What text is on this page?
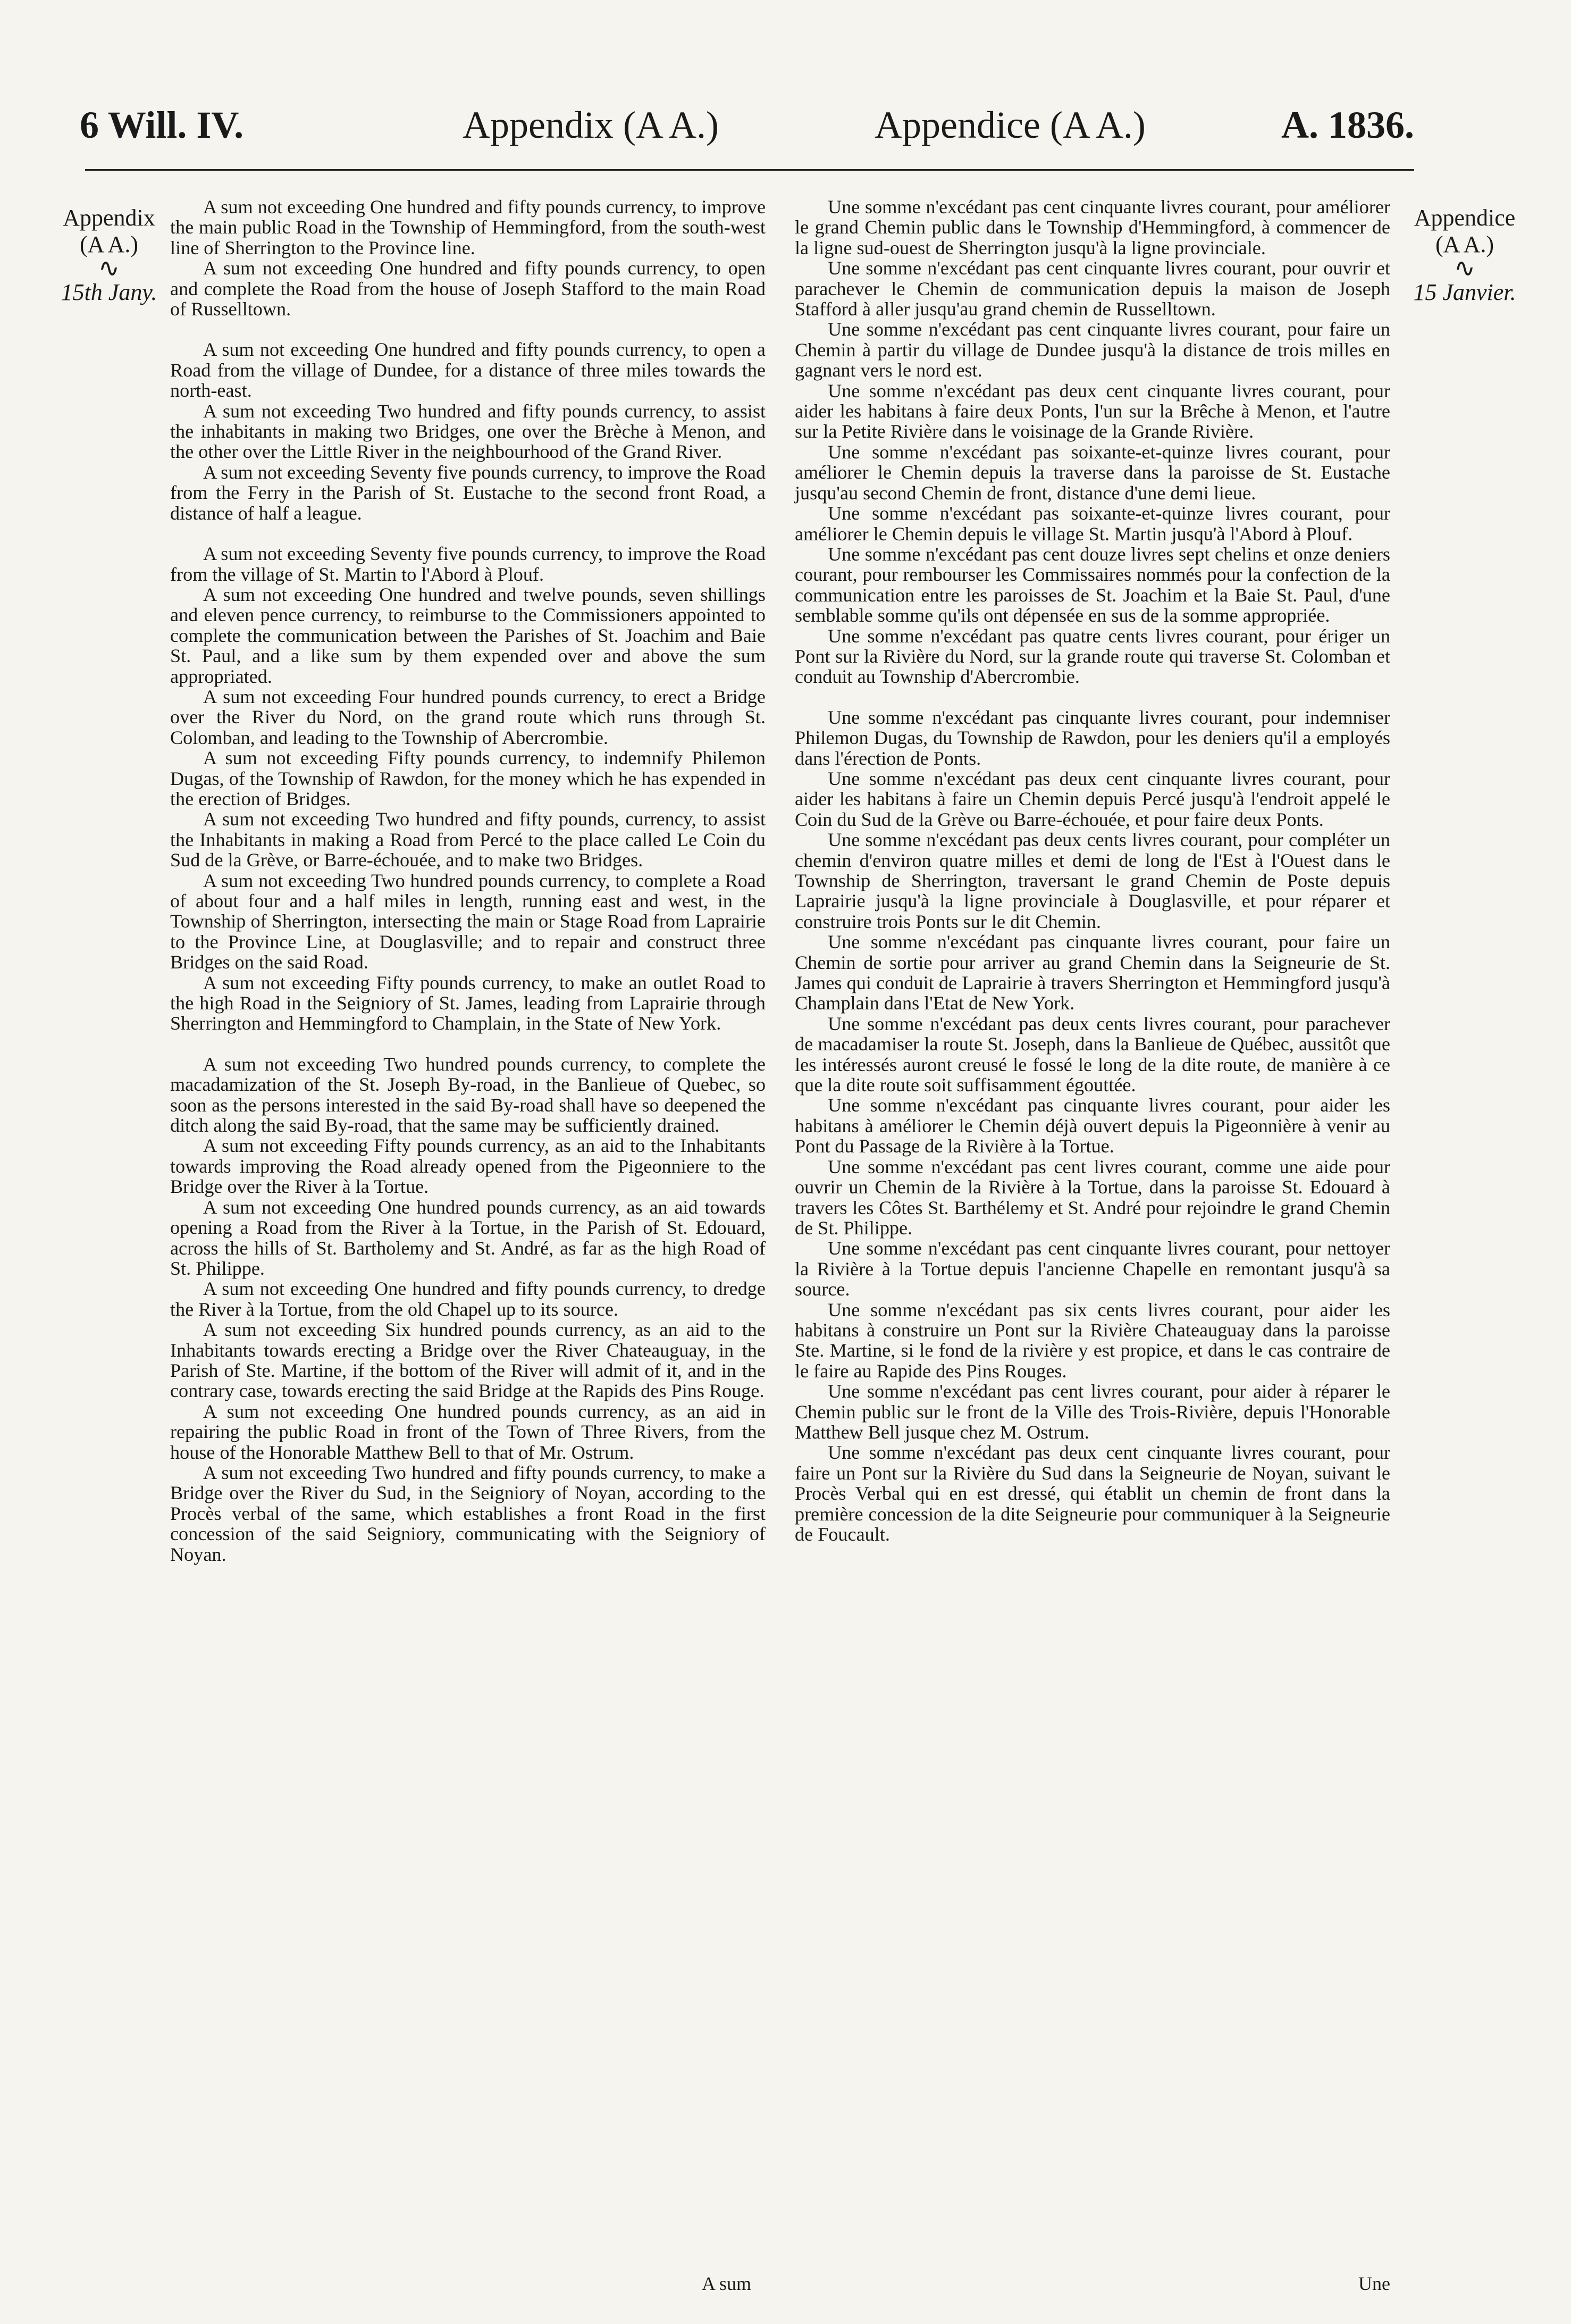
6 Will. IV.	Appendix (A A.)	Appendice (A A.)	A. 1836.
Appendix
(A A.)
∿
15th Jany.
Appendice
(A A.)
∿
15 Janvier.

A sum not exceeding One hundred and fifty pounds currency, to improve the main public Road in the Township of Hemmingford, from the south-west line of Sherrington to the Province line.

A sum not exceeding One hundred and fifty pounds currency, to open and complete the Road from the house of Joseph Stafford to the main Road of Russelltown.

A sum not exceeding One hundred and fifty pounds currency, to open a Road from the village of Dundee, for a distance of three miles towards the north-east.

A sum not exceeding Two hundred and fifty pounds currency, to assist the inhabitants in making two Bridges, one over the Brèche à Menon, and the other over the Little River in the neighbourhood of the Grand River.

A sum not exceeding Seventy five pounds currency, to improve the Road from the Ferry in the Parish of St. Eustache to the second front Road, a distance of half a league.

A sum not exceeding Seventy five pounds currency, to improve the Road from the village of St. Martin to l'Abord à Plouf.

A sum not exceeding One hundred and twelve pounds, seven shillings and eleven pence currency, to reimburse to the Commissioners appointed to complete the communication between the Parishes of St. Joachim and Baie St. Paul, and a like sum by them expended over and above the sum appropriated.

A sum not exceeding Four hundred pounds currency, to erect a Bridge over the River du Nord, on the grand route which runs through St. Colomban, and leading to the Township of Abercrombie.

A sum not exceeding Fifty pounds currency, to indemnify Philemon Dugas, of the Township of Rawdon, for the money which he has expended in the erection of Bridges.

A sum not exceeding Two hundred and fifty pounds, currency, to assist the Inhabitants in making a Road from Percé to the place called Le Coin du Sud de la Grève, or Barre-échouée, and to make two Bridges.

A sum not exceeding Two hundred pounds currency, to complete a Road of about four and a half miles in length, running east and west, in the Township of Sherrington, intersecting the main or Stage Road from Laprairie to the Province Line, at Douglasville; and to repair and construct three Bridges on the said Road.

A sum not exceeding Fifty pounds currency, to make an outlet Road to the high Road in the Seigniory of St. James, leading from Laprairie through Sherrington and Hemmingford to Champlain, in the State of New York.

A sum not exceeding Two hundred pounds currency, to complete the macadamization of the St. Joseph By-road, in the Banlieue of Quebec, so soon as the persons interested in the said By-road shall have so deepened the ditch along the said By-road, that the same may be sufficiently drained.

A sum not exceeding Fifty pounds currency, as an aid to the Inhabitants towards improving the Road already opened from the Pigeonniere to the Bridge over the River à la Tortue.

A sum not exceeding One hundred pounds currency, as an aid towards opening a Road from the River à la Tortue, in the Parish of St. Edouard, across the hills of St. Bartholemy and St. André, as far as the high Road of St. Philippe.

A sum not exceeding One hundred and fifty pounds currency, to dredge the River à la Tortue, from the old Chapel up to its source.

A sum not exceeding Six hundred pounds currency, as an aid to the Inhabitants towards erecting a Bridge over the River Chateauguay, in the Parish of Ste. Martine, if the bottom of the River will admit of it, and in the contrary case, towards erecting the said Bridge at the Rapids des Pins Rouge.

A sum not exceeding One hundred pounds currency, as an aid in repairing the public Road in front of the Town of Three Rivers, from the house of the Honorable Matthew Bell to that of Mr. Ostrum.

A sum not exceeding Two hundred and fifty pounds currency, to make a Bridge over the River du Sud, in the Seigniory of Noyan, according to the Procès verbal of the same, which establishes a front Road in the first concession of the said Seigniory, communicating with the Seigniory of Noyan.

A sum

Une somme n'excédant pas cent cinquante livres courant, pour améliorer le grand Chemin public dans le Township d'Hemmingford, à commencer de la ligne sud-ouest de Sherrington jusqu'à la ligne provinciale.

Une somme n'excédant pas cent cinquante livres courant, pour ouvrir et parachever le Chemin de communication depuis la maison de Joseph Stafford à aller jusqu'au grand chemin de Russelltown.

Une somme n'excédant pas cent cinquante livres courant, pour faire un Chemin à partir du village de Dundee jusqu'à la distance de trois milles en gagnant vers le nord est.

Une somme n'excédant pas deux cent cinquante livres courant, pour aider les habitans à faire deux Ponts, l'un sur la Brêche à Menon, et l'autre sur la Petite Rivière dans le voisinage de la Grande Rivière.

Une somme n'excédant pas soixante-et-quinze livres courant, pour améliorer le Chemin depuis la traverse dans la paroisse de St. Eustache jusqu'au second Chemin de front, distance d'une demi lieue.

Une somme n'excédant pas soixante-et-quinze livres courant, pour améliorer le Chemin depuis le village St. Martin jusqu'à l'Abord à Plouf.

Une somme n'excédant pas cent douze livres sept chelins et onze deniers courant, pour rembourser les Commissaires nommés pour la confection de la communication entre les paroisses de St. Joachim et la Baie St. Paul, d'une semblable somme qu'ils ont dépensée en sus de la somme appropriée.

Une somme n'excédant pas quatre cents livres courant, pour ériger un Pont sur la Rivière du Nord, sur la grande route qui traverse St. Colomban et conduit au Township d'Abercrombie.

Une somme n'excédant pas cinquante livres courant, pour indemniser Philemon Dugas, du Township de Rawdon, pour les deniers qu'il a employés dans l'érection de Ponts.

Une somme n'excédant pas deux cent cinquante livres courant, pour aider les habitans à faire un Chemin depuis Percé jusqu'à l'endroit appelé le Coin du Sud de la Grève ou Barre-échouée, et pour faire deux Ponts.

Une somme n'excédant pas deux cents livres courant, pour compléter un chemin d'environ quatre milles et demi de long de l'Est à l'Ouest dans le Township de Sherrington, traversant le grand Chemin de Poste depuis Laprairie jusqu'à la ligne provinciale à Douglasville, et pour réparer et construire trois Ponts sur le dit Chemin.

Une somme n'excédant pas cinquante livres courant, pour faire un Chemin de sortie pour arriver au grand Chemin dans la Seigneurie de St. James qui conduit de Laprairie à travers Sherrington et Hemmingford jusqu'à Champlain dans l'Etat de New York.

Une somme n'excédant pas deux cents livres courant, pour parachever de macadamiser la route St. Joseph, dans la Banlieue de Québec, aussitôt que les intéressés auront creusé le fossé le long de la dite route, de manière à ce que la dite route soit suffisamment égouttée.

Une somme n'excédant pas cinquante livres courant, pour aider les habitans à améliorer le Chemin déjà ouvert depuis la Pigeonnière à venir au Pont du Passage de la Rivière à la Tortue.

Une somme n'excédant pas cent livres courant, comme une aide pour ouvrir un Chemin de la Rivière à la Tortue, dans la paroisse St. Edouard à travers les Côtes St. Barthélemy et St. André pour rejoindre le grand Chemin de St. Philippe.

Une somme n'excédant pas cent cinquante livres courant, pour nettoyer la Rivière à la Tortue depuis l'ancienne Chapelle en remontant jusqu'à sa source.

Une somme n'excédant pas six cents livres courant, pour aider les habitans à construire un Pont sur la Rivière Chateauguay dans la paroisse Ste. Martine, si le fond de la rivière y est propice, et dans le cas contraire de le faire au Rapide des Pins Rouges.

Une somme n'excédant pas cent livres courant, pour aider à réparer le Chemin public sur le front de la Ville des Trois-Rivière, depuis l'Honorable Matthew Bell jusque chez M. Ostrum.

Une somme n'excédant pas deux cent cinquante livres courant, pour faire un Pont sur la Rivière du Sud dans la Seigneurie de Noyan, suivant le Procès Verbal qui en est dressé, qui établit un chemin de front dans la première concession de la dite Seigneurie pour communiquer à la Seigneurie de Foucault.

Une
